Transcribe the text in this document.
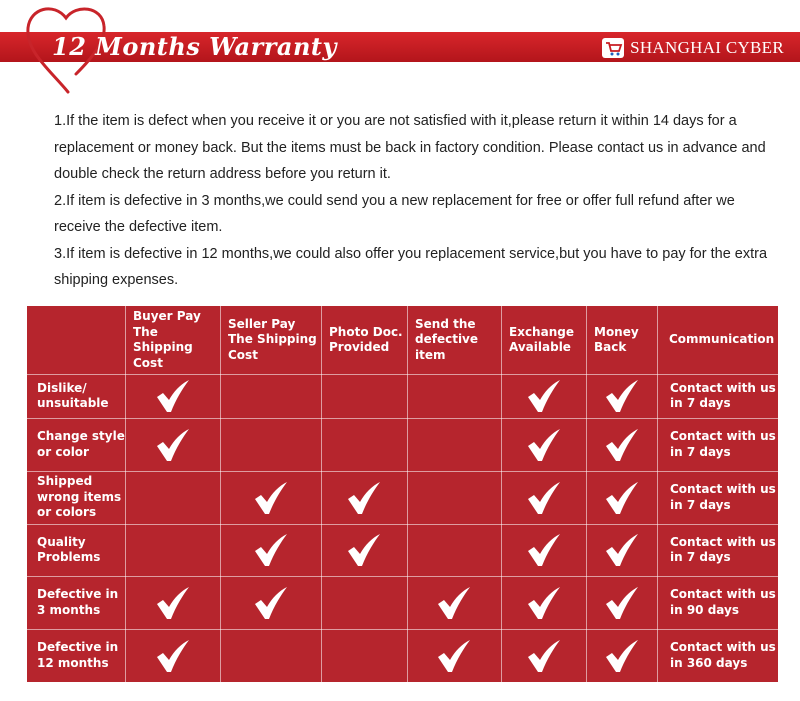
12 Months Warranty	SHANGHAI CYBER

1.If the item is defect when you receive it or you are not satisfied with it,please return it within 14 days for a replacement or money back. But the items must be back in factory condition. Please contact us in advance and double check the return address before you return it.

2.If item is defective in 3 months,we could send you a new replacement for free or offer full refund after we receive the defective item.

3.If item is defective in 12 months,we could also offer you replacement service,but you have to pay for the extra shipping expenses.

Buyer Pay The Shipping Cost
Seller Pay The Shipping Cost
Photo Doc. Provided
Send the defective item
Exchange Available
Money Back
Communication
Dislike/ unsuitable
Contact with us in 7 days
Change style or color
Contact with us in 7 days
Shipped wrong items or colors
Contact with us in 7 days
Quality Problems
Contact with us in 7 days
Defective in 3 months
Contact with us in 90 days
Defective in 12 months
Contact with us in 360 days
